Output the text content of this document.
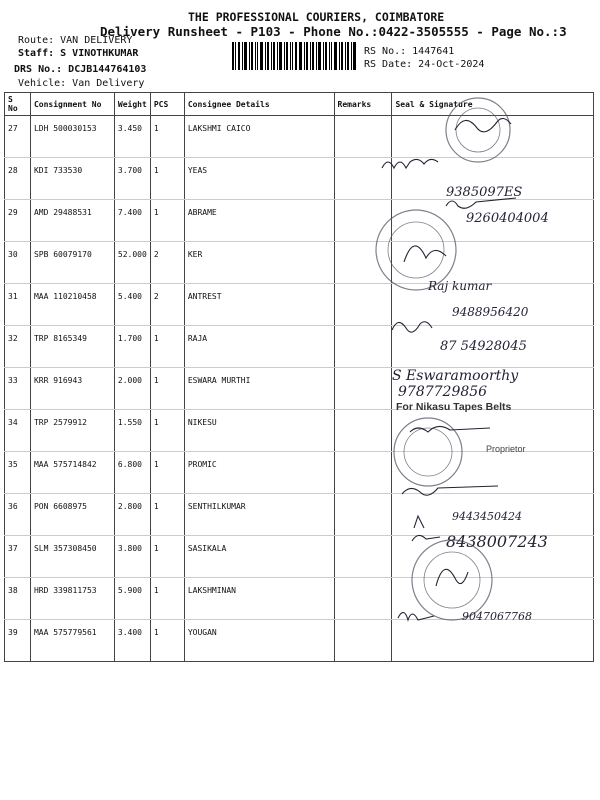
THE PROFESSIONAL COURIERS, COIMBATORE
Delivery Runsheet - P103 - Phone No.:0422-3505555 - Page No.:3
Route: VAN DELIVERY
Staff: S VINOTHKUMAR
DRS No.: DCJB144764103
Vehicle: Van Delivery
RS No.: 1447641
RS Date: 24-Oct-2024
S No	Consignment No	Weight	PCS	Consignee Details	Remarks	Seal & Signature
27	LDH 500030153	3.450	1	LAKSHMI CAICO		
28	KDI 733530	3.700	1	YEAS		
29	AMD 29488531	7.400	1	ABRAME		
30	SPB 60079170	52.000	2	KER		
31	MAA 110210458	5.400	2	ANTREST		
32	TRP 8165349	1.700	1	RAJA		
33	KRR 916943	2.000	1	ESWARA MURTHI		
34	TRP 2579912	1.550	1	NIKESU		
35	MAA 575714842	6.800	1	PROMIC		
36	PON 6608975	2.800	1	SENTHILKUMAR		
37	SLM 357308450	3.800	1	SASIKALA		
38	HRD 339811753	5.900	1	LAKSHMINAN		
39	MAA 575779561	3.400	1	YOUGAN		
9385097ES
9260404004
Raj kumar
9488956420
87 54928045
S Eswaramoorthy
9787729856
For Nikasu Tapes Belts
Proprietor
9443450424
8438007243
9047067768
